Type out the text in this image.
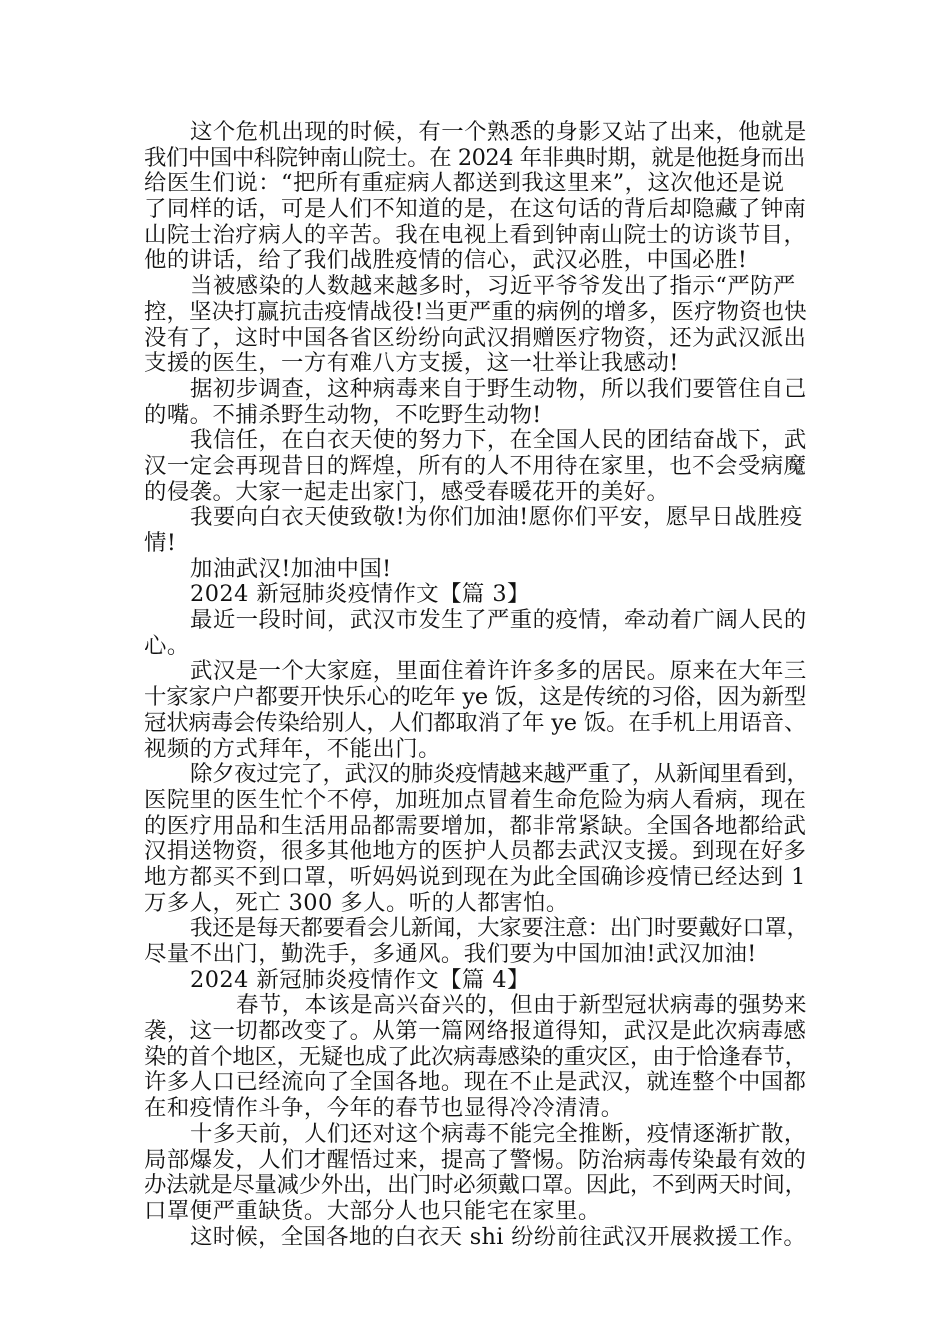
这个危机出现的时候，有一个熟悉的身影又站了出来，他就是
我们中国中科院钟南山院士。在 2024 年非典时期，就是他挺身而出
给医生们说：“把所有重症病人都送到我这里来”，这次他还是说
了同样的话，可是人们不知道的是，在这句话的背后却隐藏了钟南
山院士治疗病人的辛苦。我在电视上看到钟南山院士的访谈节目，
他的讲话，给了我们战胜疫情的信心，武汉必胜，中国必胜!
当被感染的人数越来越多时，习近平爷爷发出了指示“严防严
控，坚决打赢抗击疫情战役!当更严重的病例的增多，医疗物资也快
没有了，这时中国各省区纷纷向武汉捐赠医疗物资，还为武汉派出
支援的医生，一方有难八方支援，这一壮举让我感动!
据初步调查，这种病毒来自于野生动物，所以我们要管住自己
的嘴。不捕杀野生动物，不吃野生动物!
我信任，在白衣天使的努力下，在全国人民的团结奋战下，武
汉一定会再现昔日的辉煌，所有的人不用待在家里，也不会受病魔
的侵袭。大家一起走出家门，感受春暖花开的美好。
我要向白衣天使致敬!为你们加油!愿你们平安，愿早日战胜疫
情!
加油武汉!加油中国!
2024 新冠肺炎疫情作文【篇 3】
最近一段时间，武汉市发生了严重的疫情，牵动着广阔人民的
心。
武汉是一个大家庭，里面住着许许多多的居民。原来在大年三
十家家户户都要开快乐心的吃年 ye 饭，这是传统的习俗，因为新型
冠状病毒会传染给别人，人们都取消了年 ye 饭。在手机上用语音、
视频的方式拜年，不能出门。
除夕夜过完了，武汉的肺炎疫情越来越严重了，从新闻里看到，
医院里的医生忙个不停，加班加点冒着生命危险为病人看病，现在
的医疗用品和生活用品都需要增加，都非常紧缺。全国各地都给武
汉捐送物资，很多其他地方的医护人员都去武汉支援。到现在好多
地方都买不到口罩，听妈妈说到现在为此全国确诊疫情已经达到 1
万多人，死亡 300 多人。听的人都害怕。
我还是每天都要看会儿新闻，大家要注意：出门时要戴好口罩，
尽量不出门，勤洗手，多通风。我们要为中国加油!武汉加油!
2024 新冠肺炎疫情作文【篇 4】
春节，本该是高兴奋兴的，但由于新型冠状病毒的强势来
袭，这一切都改变了。从第一篇网络报道得知，武汉是此次病毒感
染的首个地区，无疑也成了此次病毒感染的重灾区，由于恰逢春节，
许多人口已经流向了全国各地。现在不止是武汉，就连整个中国都
在和疫情作斗争，今年的春节也显得冷冷清清。
十多天前，人们还对这个病毒不能完全推断，疫情逐渐扩散，
局部爆发，人们才醒悟过来，提高了警惕。防治病毒传染最有效的
办法就是尽量减少外出，出门时必须戴口罩。因此，不到两天时间，
口罩便严重缺货。大部分人也只能宅在家里。
这时候，全国各地的白衣天 shi 纷纷前往武汉开展救援工作。
